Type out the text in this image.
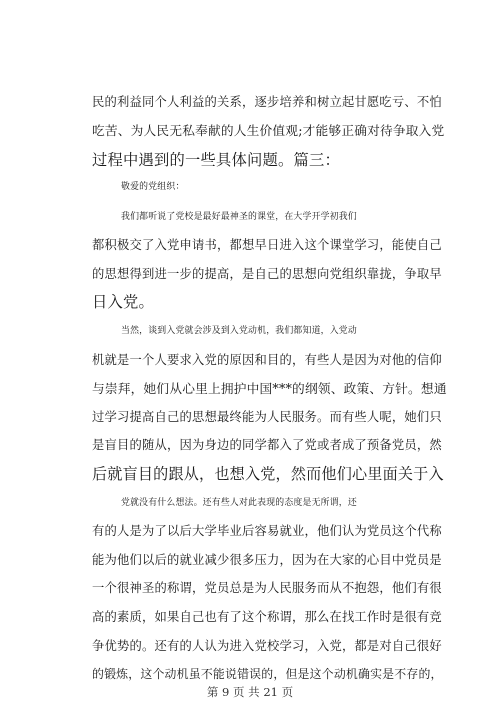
民的利益同个人利益的关系，逐步培养和树立起甘愿吃亏、不怕
吃苦、为人民无私奉献的人生价值观;才能够正确对待争取入党
过程中遇到的一些具体问题。篇三：
敬爱的党组织：
我们都听说了党校是最好最神圣的课堂，在大学开学初我们
都积极交了入党申请书，都想早日进入这个课堂学习，能使自己
的思想得到进一步的提高，是自己的思想向党组织靠拢，争取早
日入党。
当然，谈到入党就会涉及到入党动机，我们都知道，入党动
机就是一个人要求入党的原因和目的，有些人是因为对他的信仰
与崇拜，她们从心里上拥护中国***的纲领、政策、方针。想通
过学习提高自己的思想最终能为人民服务。而有些人呢，她们只
是盲目的随从，因为身边的同学都入了党或者成了预备党员，然
后就盲目的跟从，也想入党，然而他们心里面关于入
党就没有什么想法。还有些人对此表现的态度是无所谓，还
有的人是为了以后大学毕业后容易就业，他们认为党员这个代称
能为他们以后的就业减少很多压力，因为在大家的心目中党员是
一个很神圣的称谓，党员总是为人民服务而从不抱怨，他们有很
高的素质，如果自己也有了这个称谓，那么在找工作时是很有竞
争优势的。还有的人认为进入党校学习，入党，都是对自己很好
的锻炼，这个动机虽不能说错误的，但是这个动机确实是不存的，
第 9 页 共 21 页
